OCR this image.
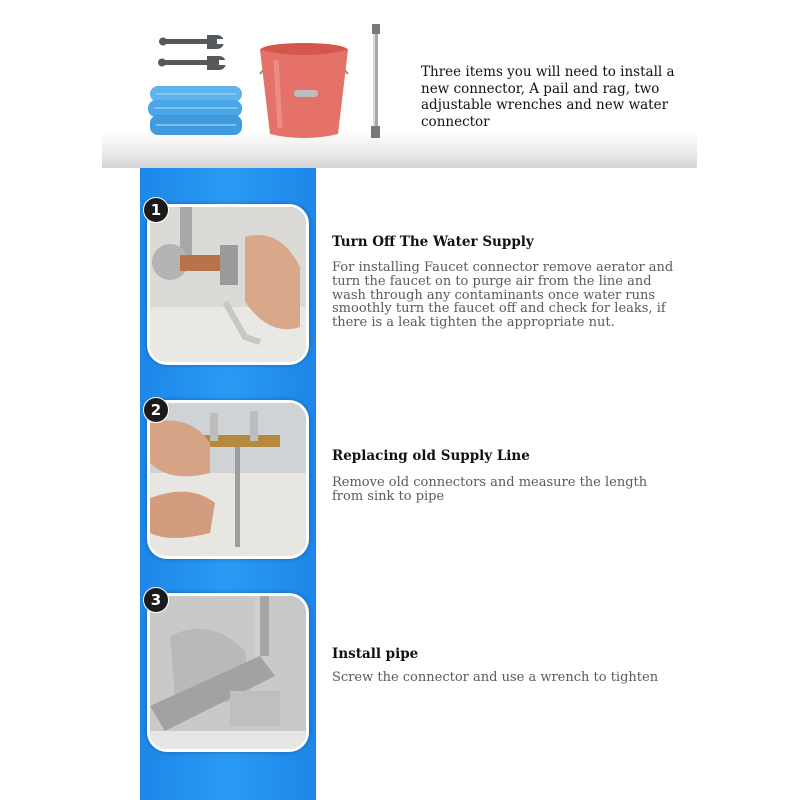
Three items you will need to install a new connector, A pail and rag, two adjustable wrenches and new water connector
1
Turn Off The Water Supply
For installing Faucet connector remove aerator and turn the faucet on to purge air from the line and wash through any contaminants once water runs smoothly turn the faucet off and check for leaks, if there is a leak tighten the appropriate nut.
2
Replacing old Supply Line
Remove old connectors and measure the length from sink to pipe
3
Install pipe
Screw the connector and use a wrench to tighten
